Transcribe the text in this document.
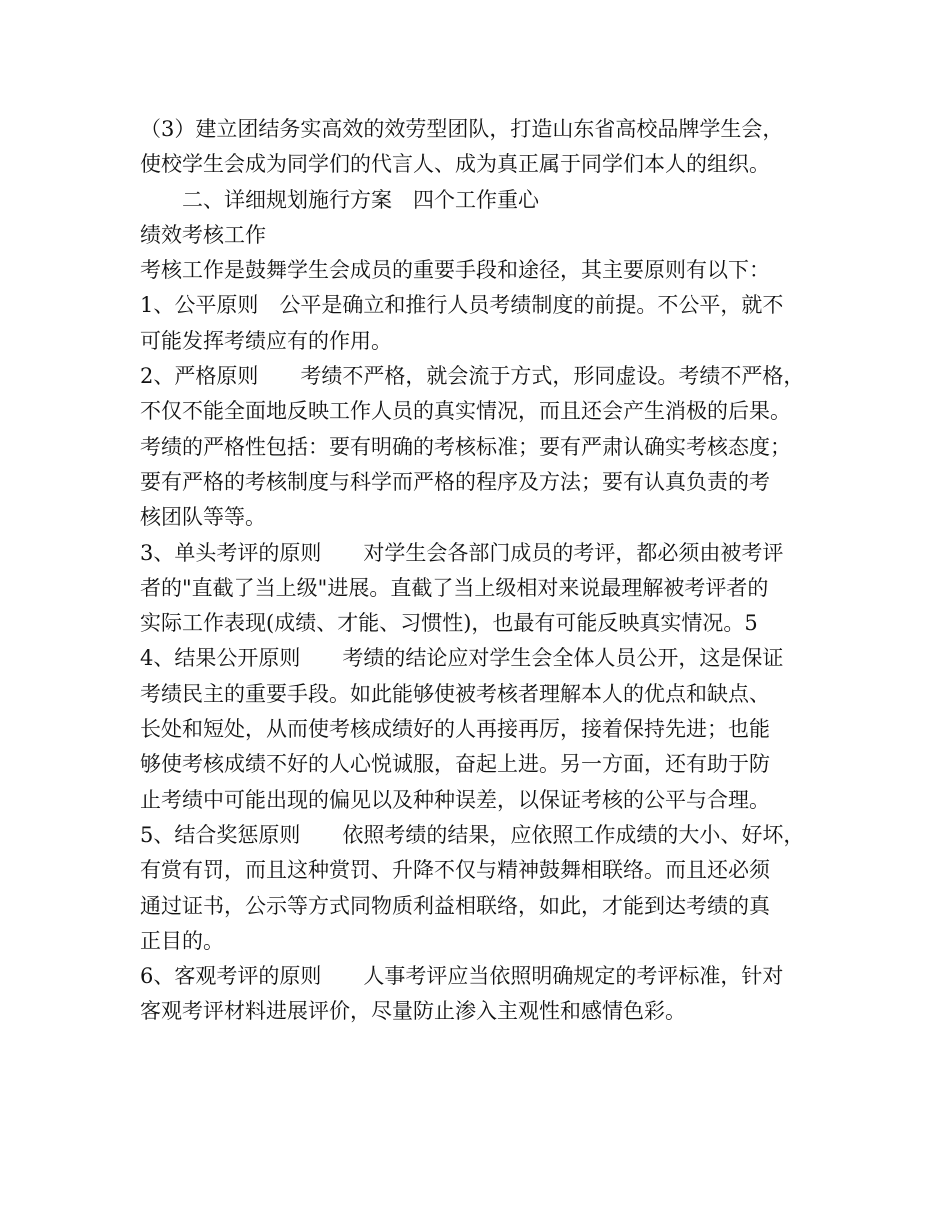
（3）建立团结务实高效的效劳型团队，打造山东省高校品牌学生会，
使校学生会成为同学们的代言人、成为真正属于同学们本人的组织。
二、详细规划施行方案　四个工作重心
绩效考核工作
考核工作是鼓舞学生会成员的重要手段和途径，其主要原则有以下：
1、公平原则　公平是确立和推行人员考绩制度的前提。不公平，就不
可能发挥考绩应有的作用。
2、严格原则　　考绩不严格，就会流于方式，形同虚设。考绩不严格，
不仅不能全面地反映工作人员的真实情况，而且还会产生消极的后果。
考绩的严格性包括：要有明确的考核标准；要有严肃认确实考核态度；
要有严格的考核制度与科学而严格的程序及方法；要有认真负责的考
核团队等等。
3、单头考评的原则　　对学生会各部门成员的考评，都必须由被考评
者的"直截了当上级"进展。直截了当上级相对来说最理解被考评者的
实际工作表现(成绩、才能、习惯性)，也最有可能反映真实情况。5
4、结果公开原则　　考绩的结论应对学生会全体人员公开，这是保证
考绩民主的重要手段。如此能够使被考核者理解本人的优点和缺点、
长处和短处，从而使考核成绩好的人再接再厉，接着保持先进；也能
够使考核成绩不好的人心悦诚服，奋起上进。另一方面，还有助于防
止考绩中可能出现的偏见以及种种误差，以保证考核的公平与合理。
5、结合奖惩原则　　依照考绩的结果，应依照工作成绩的大小、好坏，
有赏有罚，而且这种赏罚、升降不仅与精神鼓舞相联络。而且还必须
通过证书，公示等方式同物质利益相联络，如此，才能到达考绩的真
正目的。
6、客观考评的原则　　人事考评应当依照明确规定的考评标准，针对
客观考评材料进展评价，尽量防止渗入主观性和感情色彩。
